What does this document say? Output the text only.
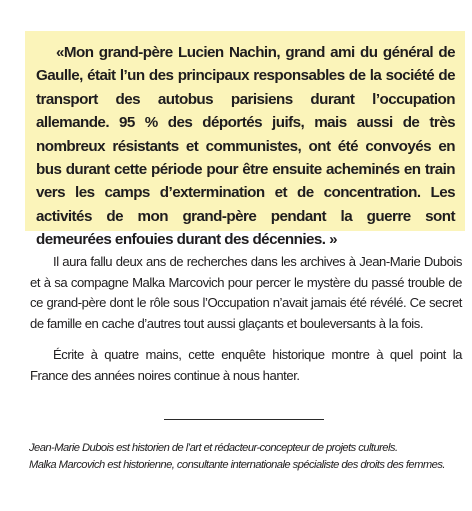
«Mon grand-père Lucien Nachin, grand ami du général de Gaulle, était l’un des principaux responsables de la société de transport des autobus parisiens durant l’occupation allemande. 95 % des déportés juifs, mais aussi de très nombreux résistants et communistes, ont été convoyés en bus durant cette période pour être ensuite acheminés en train vers les camps d’extermination et de concentration. Les activités de mon grand-père pendant la guerre sont demeurées enfouies durant des décennies. »

Il aura fallu deux ans de recherches dans les archives à Jean-Marie Dubois et à sa compagne Malka Marcovich pour percer le mystère du passé trouble de ce grand-père dont le rôle sous l’Occupation n’avait jamais été révélé. Ce secret de famille en cache d’autres tout aussi glaçants et bouleversants à la fois.

Écrite à quatre mains, cette enquête historique montre à quel point la France des années noires continue à nous hanter.

Jean-Marie Dubois est historien de l’art et rédacteur-concepteur de projets culturels.

Malka Marcovich est historienne, consultante internationale spécialiste des droits des femmes.
